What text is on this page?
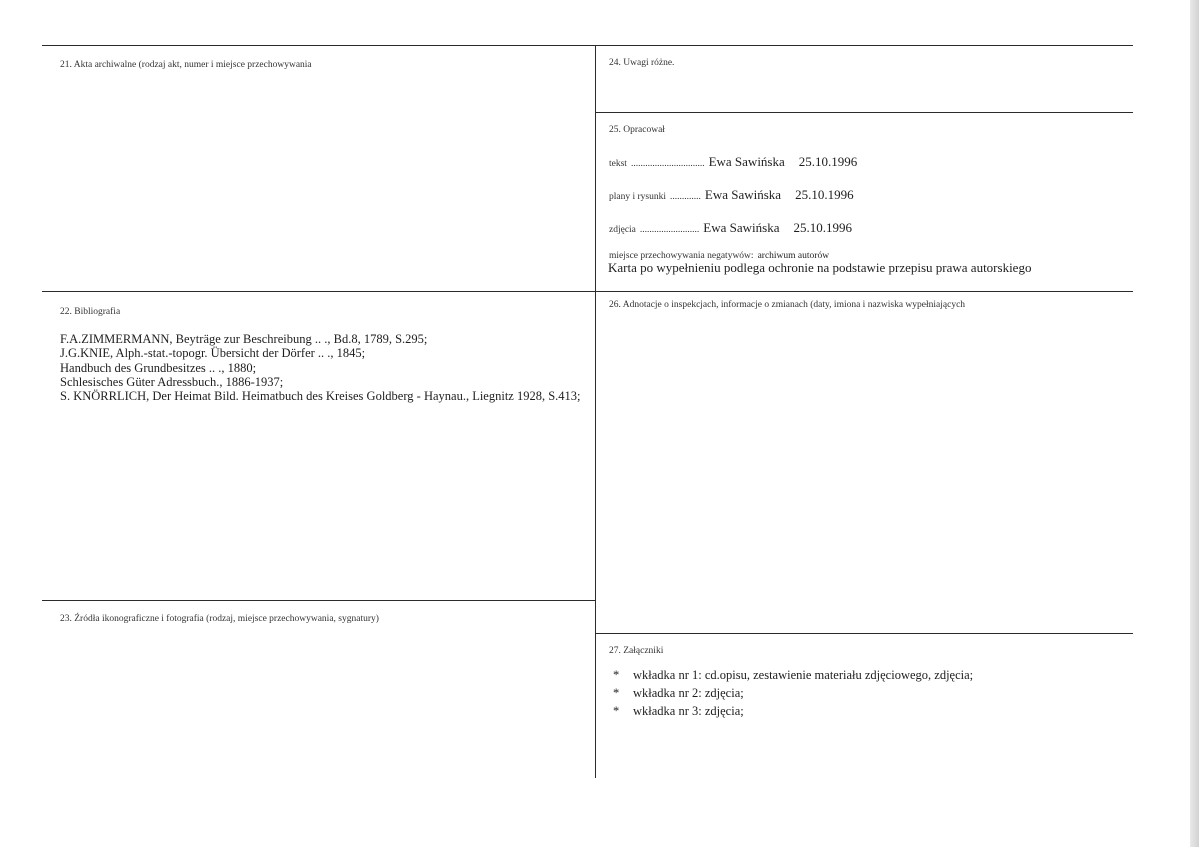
21. Akta archiwalne (rodzaj akt, numer i miejsce przechowywania	24. Uwagi różne.
25. Opracował
tekst ............................... Ewa Sawińska 25.10.1996
plany i rysunki ............. Ewa Sawińska 25.10.1996
zdjęcia ......................... Ewa Sawińska 25.10.1996
miejsce przechowywania negatywów: archiwum autorów
Karta po wypełnieniu podlega ochronie na podstawie przepisu prawa autorskiego
22. Bibliografia
F.A.ZIMMERMANN, Beyträge zur Beschreibung .. ., Bd.8, 1789, S.295;
J.G.KNIE, Alph.-stat.-topogr. Übersicht der Dörfer .. ., 1845;
Handbuch des Grundbesitzes .. ., 1880;
Schlesisches Güter Adressbuch., 1886-1937;
S. KNÖRRLICH, Der Heimat Bild. Heimatbuch des Kreises Goldberg - Haynau., Liegnitz 1928, S.413;
26. Adnotacje o inspekcjach, informacje o zmianach (daty, imiona i nazwiska wypełniających
23. Źródła ikonograficzne i fotografia (rodzaj, miejsce przechowywania, sygnatury)
27. Załączniki
* wkładka nr 1: cd.opisu, zestawienie materiału zdjęciowego, zdjęcia;
* wkładka nr 2: zdjęcia;
* wkładka nr 3: zdjęcia;
